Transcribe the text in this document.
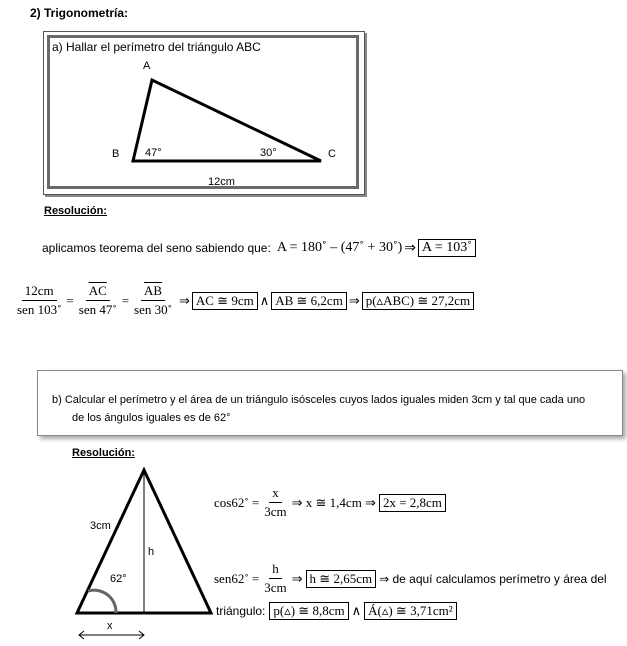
2) Trigonometría:
a) Hallar el perímetro del triángulo ABC
A
B	C
47°	30°
12cm
Resolución:
aplicamos teorema del seno sabiendo que: A = 180˚ – (47˚ + 30˚) ⇒ A = 103˚
$\frac{12cm}{\text{sen 103˚}} = \frac{\overline{AC}}{\text{sen 47˚}} = \frac{\overline{AB}}{\text{sen 30˚}}$ ⇒ $\overline{AC}$ ≅ 9cm ∧ $\overline{AB}$ ≅ 6,2cm ⇒ p(▵ABC) ≅ 27,2cm
b) Calcular el perímetro y el área de un triángulo isósceles cuyos lados iguales miden 3cm y tal que cada uno
de los ángulos iguales es de 62°
Resolución:
3cm
h
62°
x
cos62˚ = $\frac{x}{3cm}$ ⇒ x ≅ 1,4cm ⇒ 2x = 2,8cm
sen62˚ = $\frac{h}{3cm}$ ⇒ h ≅ 2,65cm ⇒ de aquí calculamos perímetro y área del
triángulo: p(▵) ≅ 8,8cm ∧ Á(▵) ≅ 3,71cm²
